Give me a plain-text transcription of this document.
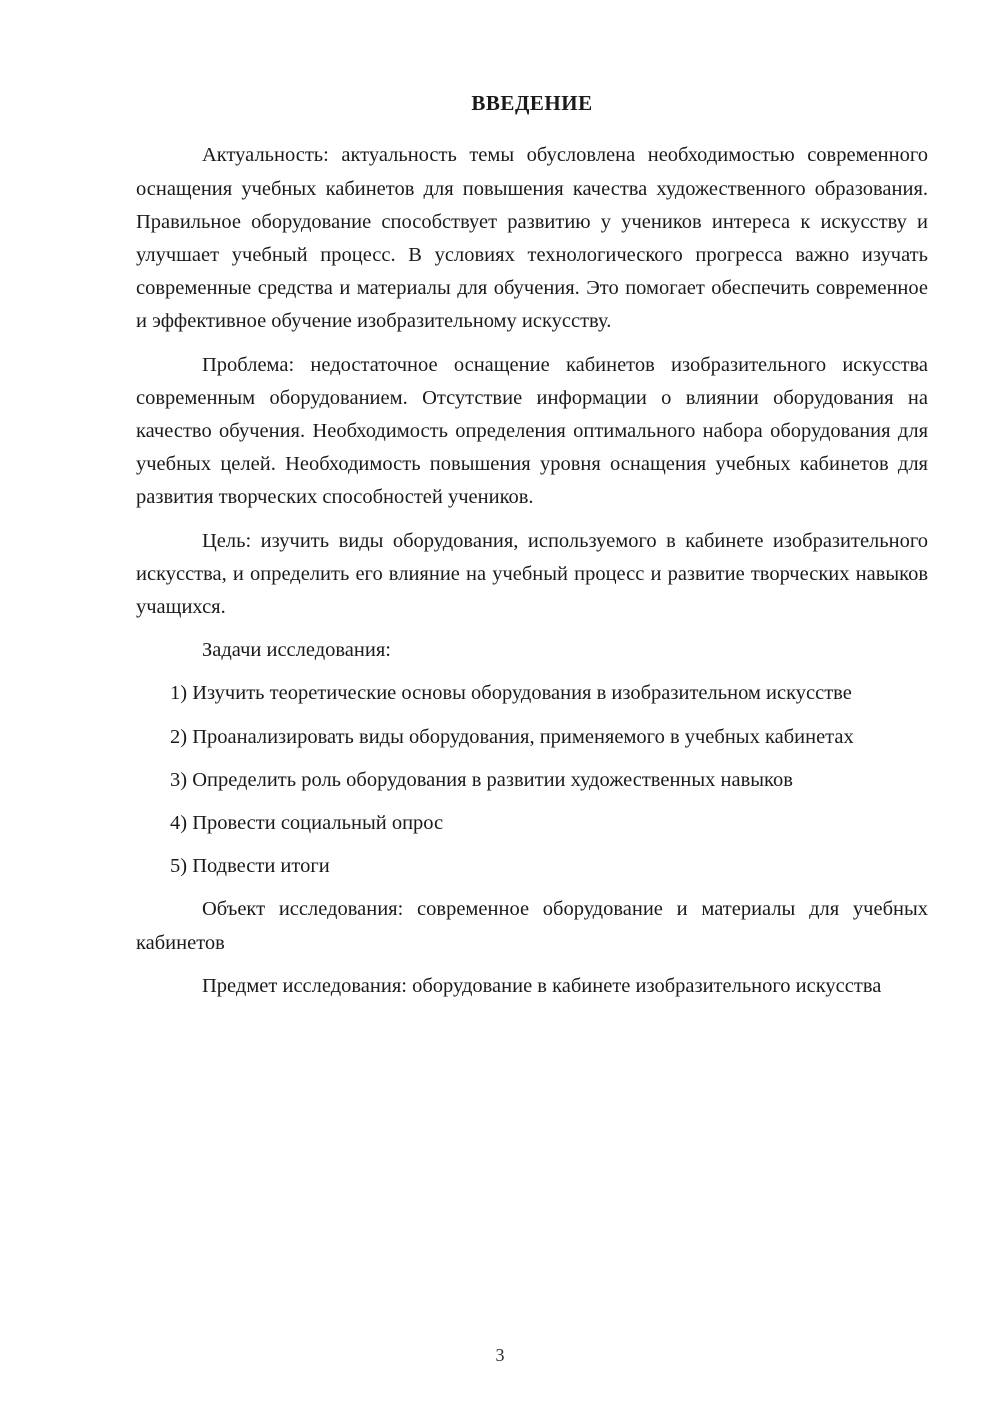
ВВЕДЕНИЕ

Актуальность: актуальность темы обусловлена необходимостью современного оснащения учебных кабинетов для повышения качества художественного образования. Правильное оборудование способствует развитию у учеников интереса к искусству и улучшает учебный процесс. В условиях технологического прогресса важно изучать современные средства и материалы для обучения. Это помогает обеспечить современное и эффективное обучение изобразительному искусству.

Проблема: недостаточное оснащение кабинетов изобразительного искусства современным оборудованием. Отсутствие информации о влиянии оборудования на качество обучения. Необходимость определения оптимального набора оборудования для учебных целей. Необходимость повышения уровня оснащения учебных кабинетов для развития творческих способностей учеников.

Цель: изучить виды оборудования, используемого в кабинете изобразительного искусства, и определить его влияние на учебный процесс и развитие творческих навыков учащихся.

Задачи исследования:

1) Изучить теоретические основы оборудования в изобразительном искусстве

2) Проанализировать виды оборудования, применяемого в учебных кабинетах

3) Определить роль оборудования в развитии художественных навыков

4) Провести социальный опрос

5) Подвести итоги

Объект исследования: современное оборудование и материалы для учебных кабинетов

Предмет исследования: оборудование в кабинете изобразительного искусства

3
